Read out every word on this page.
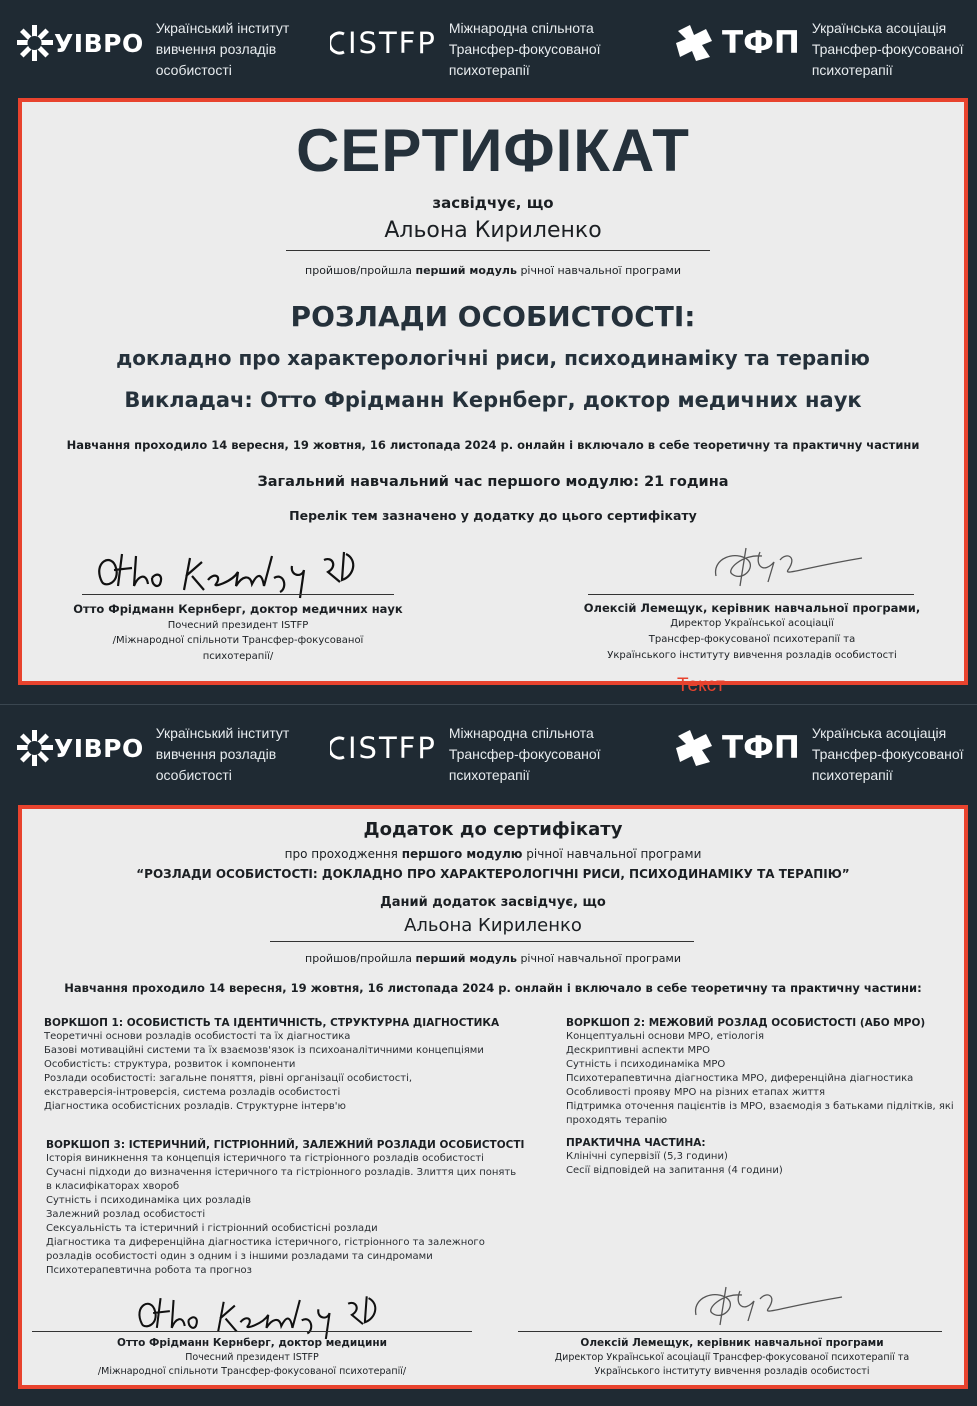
УІВРО
Український інститут
вивчення розладів
особистості
ISTFP Міжнародна спільнота
Трансфер-фокусованої
психотерапії
ТФП Українська асоціація
Трансфер-фокусованої
психотерапії
СЕРТИФІКАТ
засвідчує, що
Альона Кириленко
пройшов/пройшла перший модуль річної навчальної програми
РОЗЛАДИ ОСОБИСТОСТІ:
докладно про характерологічні риси, психодинаміку та терапію
Викладач: Отто Фрідманн Кернберг, доктор медичних наук
Навчання проходило 14 вересня, 19 жовтня, 16 листопада 2024 р. онлайн і включало в себе теоретичну та практичну частини
Загальний навчальний час першого модулю: 21 година
Перелік тем зазначено у додатку до цього сертифікату
Отто Фрідманн Кернберг, доктор медичних наук
Почесний президент ISTFP
/Міжнародної спільноти Трансфер-фокусованої
психотерапії/
Олексій Лемещук, керівник навчальної програми,
Директор Української асоціації
Трансфер-фокусованої психотерапії та
Українського інституту вивчення розладів особистості
Текст
УІВРО
Український інститут
вивчення розладів
особистості
ISTFP Міжнародна спільнота
Трансфер-фокусованої
психотерапії
ТФП Українська асоціація
Трансфер-фокусованої
психотерапії
Додаток до сертифікату
про проходження першого модулю річної навчальної програми
“РОЗЛАДИ ОСОБИСТОСТІ: ДОКЛАДНО ПРО ХАРАКТЕРОЛОГІЧНІ РИСИ, ПСИХОДИНАМІКУ ТА ТЕРАПІЮ”
Даний додаток засвідчує, що
Альона Кириленко
пройшов/пройшла перший модуль річної навчальної програми
Навчання проходило 14 вересня, 19 жовтня, 16 листопада 2024 р. онлайн і включало в себе теоретичну та практичну частини:
ВОРКШОП 1: ОСОБИСТІСТЬ ТА ІДЕНТИЧНІСТЬ, СТРУКТУРНА ДІАГНОСТИКА
Теоретичні основи розладів особистості та їх діагностика
Базові мотиваційні системи та їх взаємозв'язок із психоаналітичними концепціями
Особистість: структура, розвиток і компоненти
Розлади особистості: загальне поняття, рівні організації особистості,
екстраверсія-інтроверсія, система розладів особистості
Діагностика особистісних розладів. Структурне інтерв'ю
ВОРКШОП 2: МЕЖОВИЙ РОЗЛАД ОСОБИСТОСТІ (АБО МРО)
Концептуальні основи МРО, етіологія
Дескриптивні аспекти МРО
Сутність і психодинаміка МРО
Психотерапевтична діагностика МРО, диференційна діагностика
Особливості прояву МРО на різних етапах життя
Підтримка оточення пацієнтів із МРО, взаємодія з батьками підлітків, які
проходять терапію
ВОРКШОП 3: ІСТЕРИЧНИЙ, ГІСТРІОННИЙ, ЗАЛЕЖНИЙ РОЗЛАДИ ОСОБИСТОСТІ
Історія виникнення та концепція істеричного та гістріонного розладів особистості
Сучасні підходи до визначення істеричного та гістріонного розладів. Злиття цих понять
в класифікаторах хвороб
Сутність і психодинаміка цих розладів
Залежний розлад особистості
Сексуальність та істеричний і гістріонний особистісні розлади
Діагностика та диференційна діагностика істеричного, гістріонного та залежного
розладів особистості один з одним і з іншими розладами та синдромами
Психотерапевтична робота та прогноз
ПРАКТИЧНА ЧАСТИНА:
Клінічні супервізії (5,3 години)
Сесії відповідей на запитання (4 години)
Отто Фрідманн Кернберг, доктор медицини
Почесний президент ISTFP
/Міжнародної спільноти Трансфер-фокусованої психотерапії/
Олексій Лемещук, керівник навчальної програми
Директор Української асоціації Трансфер-фокусованої психотерапії та
Українського інституту вивчення розладів особистості
